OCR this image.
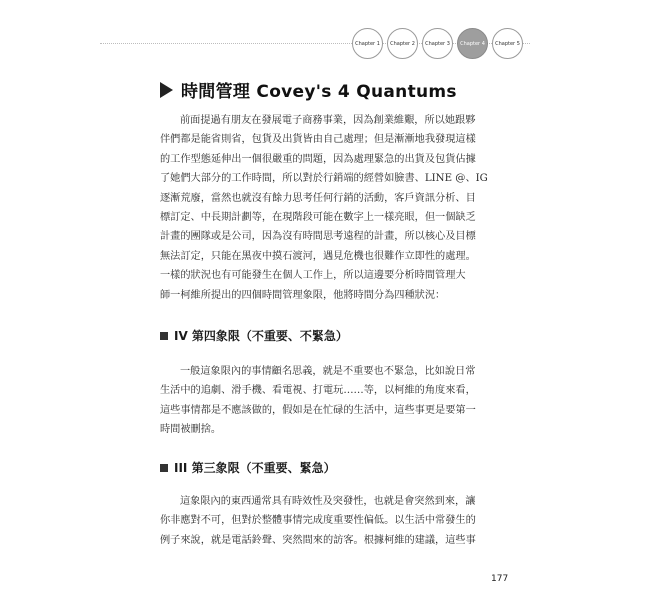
Chapter 1	Chapter 2	Chapter 3	Chapter 4	Chapter 5
時間管理 Covey's 4 Quantums
前面提過有朋友在發展電子商務事業，因為創業維艱，所以她跟夥
伴們都是能省則省，包貨及出貨皆由自己處理；但是漸漸地我發現這樣
的工作型態延伸出一個很嚴重的問題，因為處理緊急的出貨及包貨佔據
了她們大部分的工作時間，所以對於行銷端的經營如臉書、LINE @、IG
逐漸荒廢，當然也就沒有餘力思考任何行銷的活動，客戶資訊分析、目
標訂定、中長期計劃等，在現階段可能在數字上一樣亮眼，但一個缺乏
計畫的團隊或是公司，因為沒有時間思考遠程的計畫，所以核心及目標
無法訂定，只能在黑夜中摸石渡河，遇見危機也很難作立即性的處理。
一樣的狀況也有可能發生在個人工作上，所以這邊要分析時間管理大
師一柯維所提出的四個時間管理象限，他將時間分為四種狀況：
IV 第四象限（不重要、不緊急）
一般這象限內的事情顧名思義，就是不重要也不緊急，比如說日常
生活中的追劇、滑手機、看電視、打電玩……等，以柯維的角度來看，
這些事情都是不應該做的，假如是在忙碌的生活中，這些事更是要第一
時間被刪捨。
III 第三象限（不重要、緊急）
這象限內的東西通常具有時效性及突發性，也就是會突然到來，讓
你非應對不可，但對於整體事情完成度重要性偏低。以生活中常發生的
例子來說，就是電話鈴聲、突然間來的訪客。根據柯維的建議，這些事
177
